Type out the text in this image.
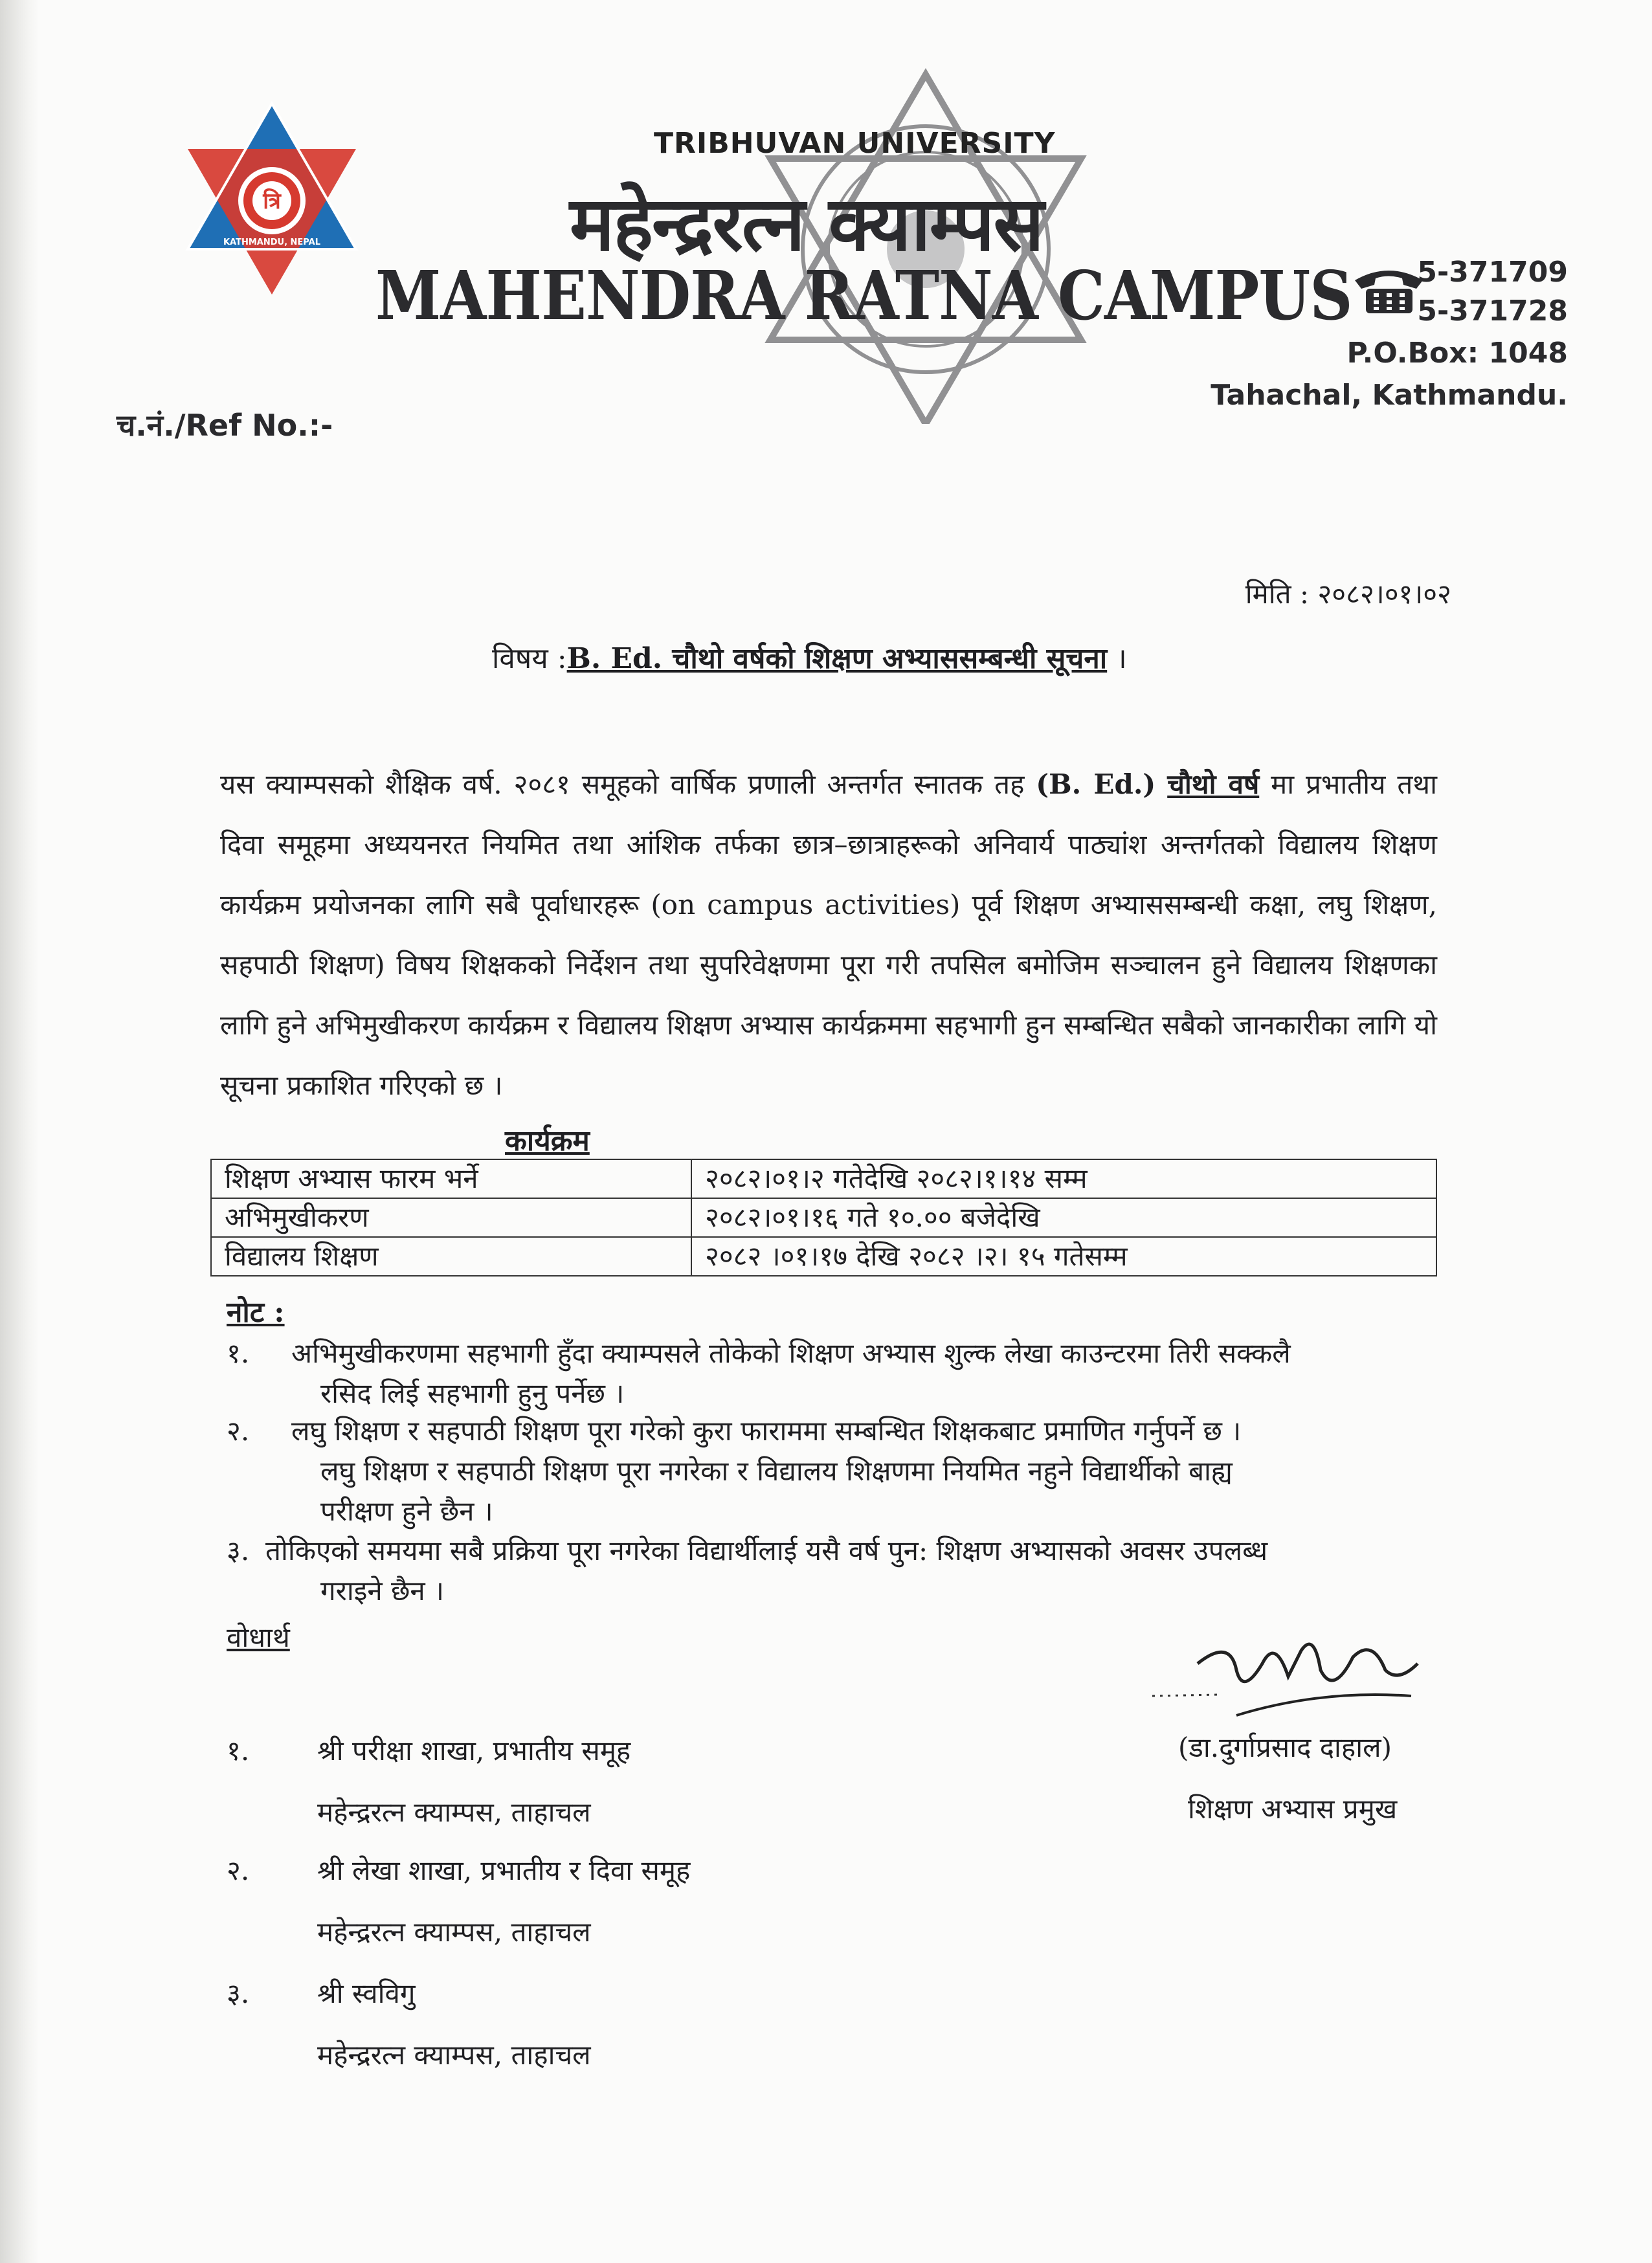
त्रि
KATHMANDU, NEPAL
TRIBHUVAN UNIVERSITY
महेन्द्ररत्न क्याम्पस
MAHENDRA RATNA CAMPUS 5-371709
5-371728
P.O.Box: 1048
Tahachal, Kathmandu.
च.नं./Ref No.:-
मिति : २०८२।०१।०२
विषय :B. Ed. चौथो वर्षको शिक्षण अभ्याससम्बन्धी सूचना ।
यस क्याम्पसको शैक्षिक वर्ष. २०८१ समूहको वार्षिक प्रणाली अन्तर्गत स्नातक तह (B. Ed.) चौथो वर्ष मा प्रभातीय तथा दिवा समूहमा अध्ययनरत नियमित तथा आंशिक तर्फका छात्र–छात्राहरूको अनिवार्य पाठ्यांश अन्तर्गतको विद्यालय शिक्षण कार्यक्रम प्रयोजनका लागि सबै पूर्वाधारहरू (on campus activities) पूर्व शिक्षण अभ्याससम्बन्धी कक्षा, लघु शिक्षण, सहपाठी शिक्षण) विषय शिक्षकको निर्देशन तथा सुपरिवेक्षणमा पूरा गरी तपसिल बमोजिम सञ्चालन हुने विद्यालय शिक्षणका लागि हुने अभिमुखीकरण कार्यक्रम र विद्यालय शिक्षण अभ्यास कार्यक्रममा सहभागी हुन सम्बन्धित सबैको जानकारीका लागि यो सूचना प्रकाशित गरिएको छ ।
कार्यक्रम
शिक्षण अभ्यास फारम भर्ने	२०८२।०१।२ गतेदेखि २०८२।१।१४ सम्म
अभिमुखीकरण	२०८२।०१।१६ गते १०.०० बजेदेखि
विद्यालय शिक्षण	२०८२ ।०१।१७ देखि २०८२ ।२। १५ गतेसम्म
नोट :
१. अभिमुखीकरणमा सहभागी हुँदा क्याम्पसले तोकेको शिक्षण अभ्यास शुल्क लेखा काउन्टरमा तिरी सक्कलै
रसिद लिई सहभागी हुनु पर्नेछ ।
२. लघु शिक्षण र सहपाठी शिक्षण पूरा गरेको कुरा फाराममा सम्बन्धित शिक्षकबाट प्रमाणित गर्नुपर्ने छ ।
लघु शिक्षण र सहपाठी शिक्षण पूरा नगरेका र विद्यालय शिक्षणमा नियमित नहुने विद्यार्थीको बाह्य
परीक्षण हुने छैन ।
३. तोकिएको समयमा सबै प्रक्रिया पूरा नगरेका विद्यार्थीलाई यसै वर्ष पुन: शिक्षण अभ्यासको अवसर उपलब्ध
गराइने छैन ।
वोधार्थ
(डा.दुर्गाप्रसाद दाहाल)
शिक्षण अभ्यास प्रमुख
१. श्री परीक्षा शाखा, प्रभातीय समूह
महेन्द्ररत्न क्याम्पस, ताहाचल
२. श्री लेखा शाखा, प्रभातीय र दिवा समूह
महेन्द्ररत्न क्याम्पस, ताहाचल
३. श्री स्वविगु
महेन्द्ररत्न क्याम्पस, ताहाचल
